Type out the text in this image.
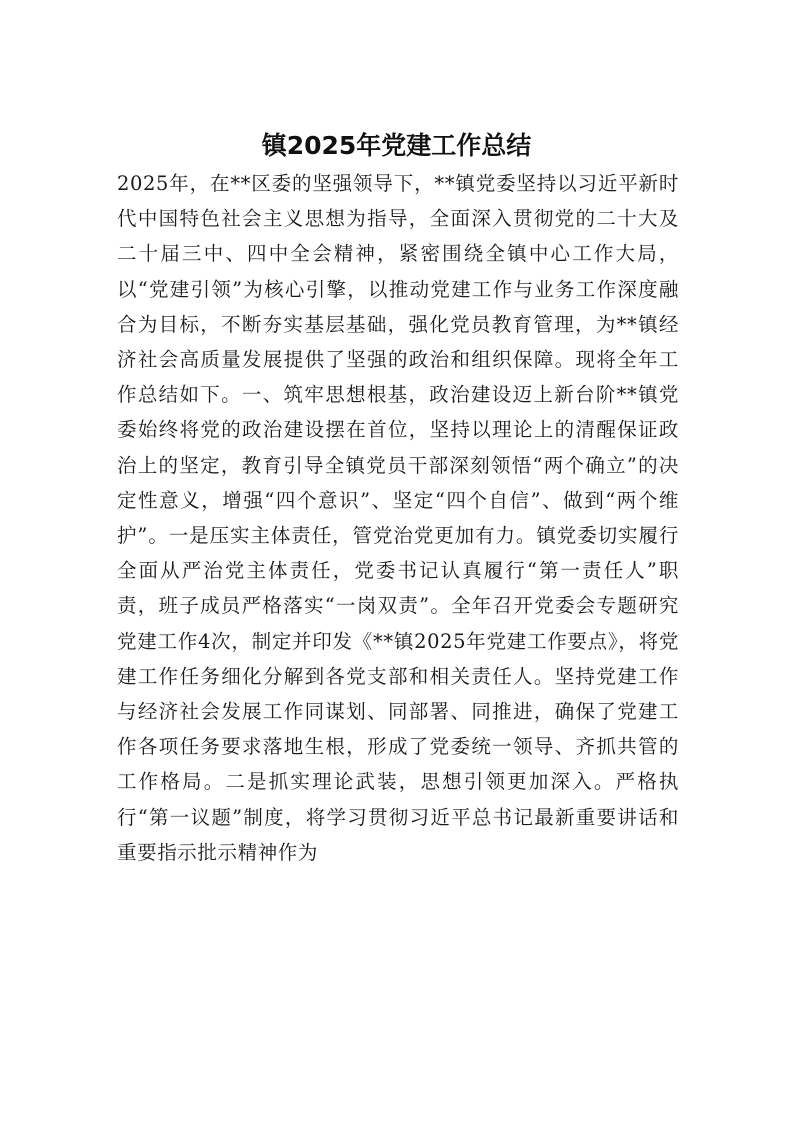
镇2025年党建工作总结

2025年，在**区委的坚强领导下，**镇党委坚持以习近平新时代中国特色社会主义思想为指导，全面深入贯彻党的二十大及二十届三中、四中全会精神，紧密围绕全镇中心工作大局，以“党建引领”为核心引擎，以推动党建工作与业务工作深度融合为目标，不断夯实基层基础，强化党员教育管理，为**镇经济社会高质量发展提供了坚强的政治和组织保障。现将全年工作总结如下。一、筑牢思想根基，政治建设迈上新台阶**镇党委始终将党的政治建设摆在首位，坚持以理论上的清醒保证政治上的坚定，教育引导全镇党员干部深刻领悟“两个确立”的决定性意义，增强“四个意识”、坚定“四个自信”、做到“两个维护”。一是压实主体责任，管党治党更加有力。镇党委切实履行全面从严治党主体责任，党委书记认真履行“第一责任人”职责，班子成员严格落实“一岗双责”。全年召开党委会专题研究党建工作4次，制定并印发《**镇2025年党建工作要点》，将党建工作任务细化分解到各党支部和相关责任人。坚持党建工作与经济社会发展工作同谋划、同部署、同推进，确保了党建工作各项任务要求落地生根，形成了党委统一领导、齐抓共管的工作格局。二是抓实理论武装，思想引领更加深入。严格执行“第一议题”制度，将学习贯彻习近平总书记最新重要讲话和重要指示批示精神作为
